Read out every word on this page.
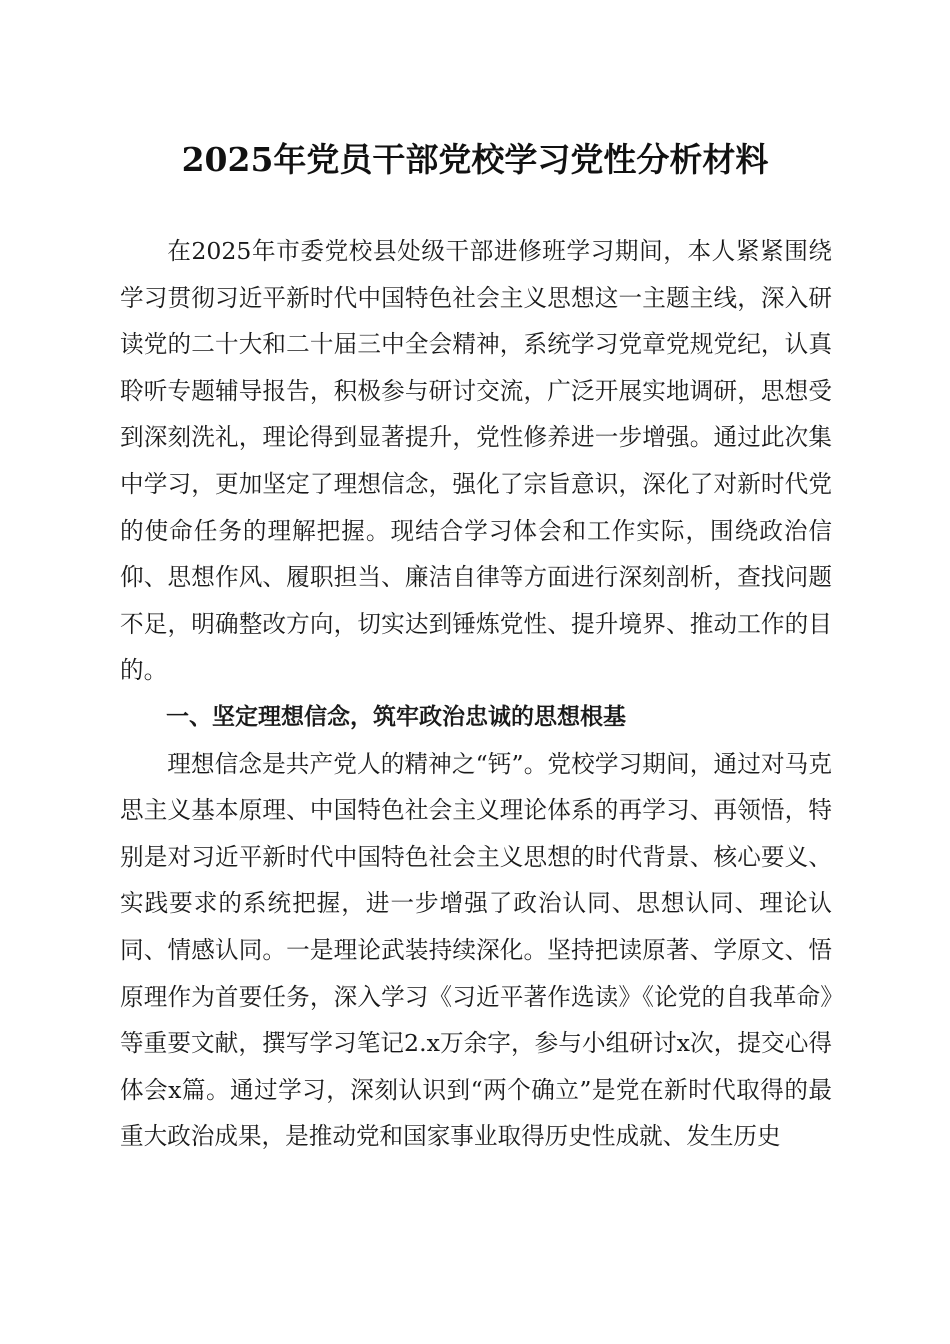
2025年党员干部党校学习党性分析材料

在2025年市委党校县处级干部进修班学习期间，本人紧紧围绕学习贯彻习近平新时代中国特色社会主义思想这一主题主线，深入研读党的二十大和二十届三中全会精神，系统学习党章党规党纪，认真聆听专题辅导报告，积极参与研讨交流，广泛开展实地调研，思想受到深刻洗礼，理论得到显著提升，党性修养进一步增强。通过此次集中学习，更加坚定了理想信念，强化了宗旨意识，深化了对新时代党的使命任务的理解把握。现结合学习体会和工作实际，围绕政治信仰、思想作风、履职担当、廉洁自律等方面进行深刻剖析，查找问题不足，明确整改方向，切实达到锤炼党性、提升境界、推动工作的目的。

一、坚定理想信念，筑牢政治忠诚的思想根基

理想信念是共产党人的精神之“钙”。党校学习期间，通过对马克思主义基本原理、中国特色社会主义理论体系的再学习、再领悟，特别是对习近平新时代中国特色社会主义思想的时代背景、核心要义、实践要求的系统把握，进一步增强了政治认同、思想认同、理论认同、情感认同。一是理论武装持续深化。坚持把读原著、学原文、悟原理作为首要任务，深入学习《习近平著作选读》《论党的自我革命》等重要文献，撰写学习笔记2.x万余字，参与小组研讨x次，提交心得体会x篇。通过学习，深刻认识到“两个确立”是党在新时代取得的最重大政治成果，是推动党和国家事业取得历史性成就、发生历史
